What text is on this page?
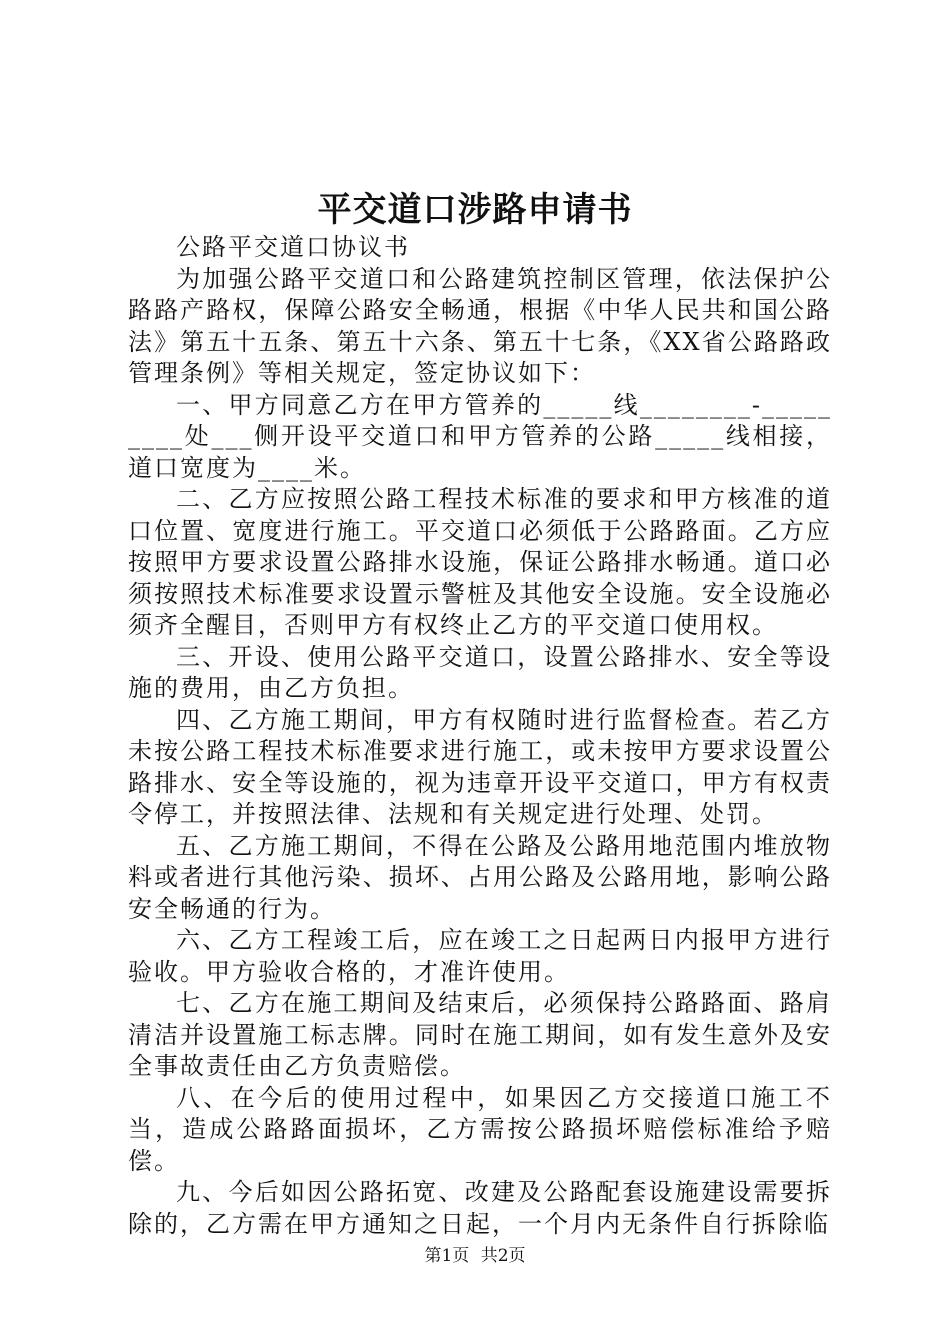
平交道口涉路申请书

公路平交道口协议书

为加强公路平交道口和公路建筑控制区管理，依法保护公路路产路权，保障公路安全畅通，根据《中华人民共和国公路法》第五十五条、第五十六条、第五十七条，《XX省公路路政管理条例》等相关规定，签定协议如下：

一、甲方同意乙方在甲方管养的_____线________-_________处___侧开设平交道口和甲方管养的公路_____线相接，道口宽度为____米。

二、乙方应按照公路工程技术标准的要求和甲方核准的道口位置、宽度进行施工。平交道口必须低于公路路面。乙方应按照甲方要求设置公路排水设施，保证公路排水畅通。道口必须按照技术标准要求设置示警桩及其他安全设施。安全设施必须齐全醒目，否则甲方有权终止乙方的平交道口使用权。

三、开设、使用公路平交道口，设置公路排水、安全等设施的费用，由乙方负担。

四、乙方施工期间，甲方有权随时进行监督检查。若乙方未按公路工程技术标准要求进行施工，或未按甲方要求设置公路排水、安全等设施的，视为违章开设平交道口，甲方有权责令停工，并按照法律、法规和有关规定进行处理、处罚。

五、乙方施工期间，不得在公路及公路用地范围内堆放物料或者进行其他污染、损坏、占用公路及公路用地，影响公路安全畅通的行为。

六、乙方工程竣工后，应在竣工之日起两日内报甲方进行验收。甲方验收合格的，才准许使用。

七、乙方在施工期间及结束后，必须保持公路路面、路肩清洁并设置施工标志牌。同时在施工期间，如有发生意外及安全事故责任由乙方负责赔偿。

八、在今后的使用过程中，如果因乙方交接道口施工不当，造成公路路面损坏，乙方需按公路损坏赔偿标准给予赔偿。

九、今后如因公路拓宽、改建及公路配套设施建设需要拆除的，乙方需在甲方通知之日起，一个月内无条件自行拆除临

第1页 共2页
